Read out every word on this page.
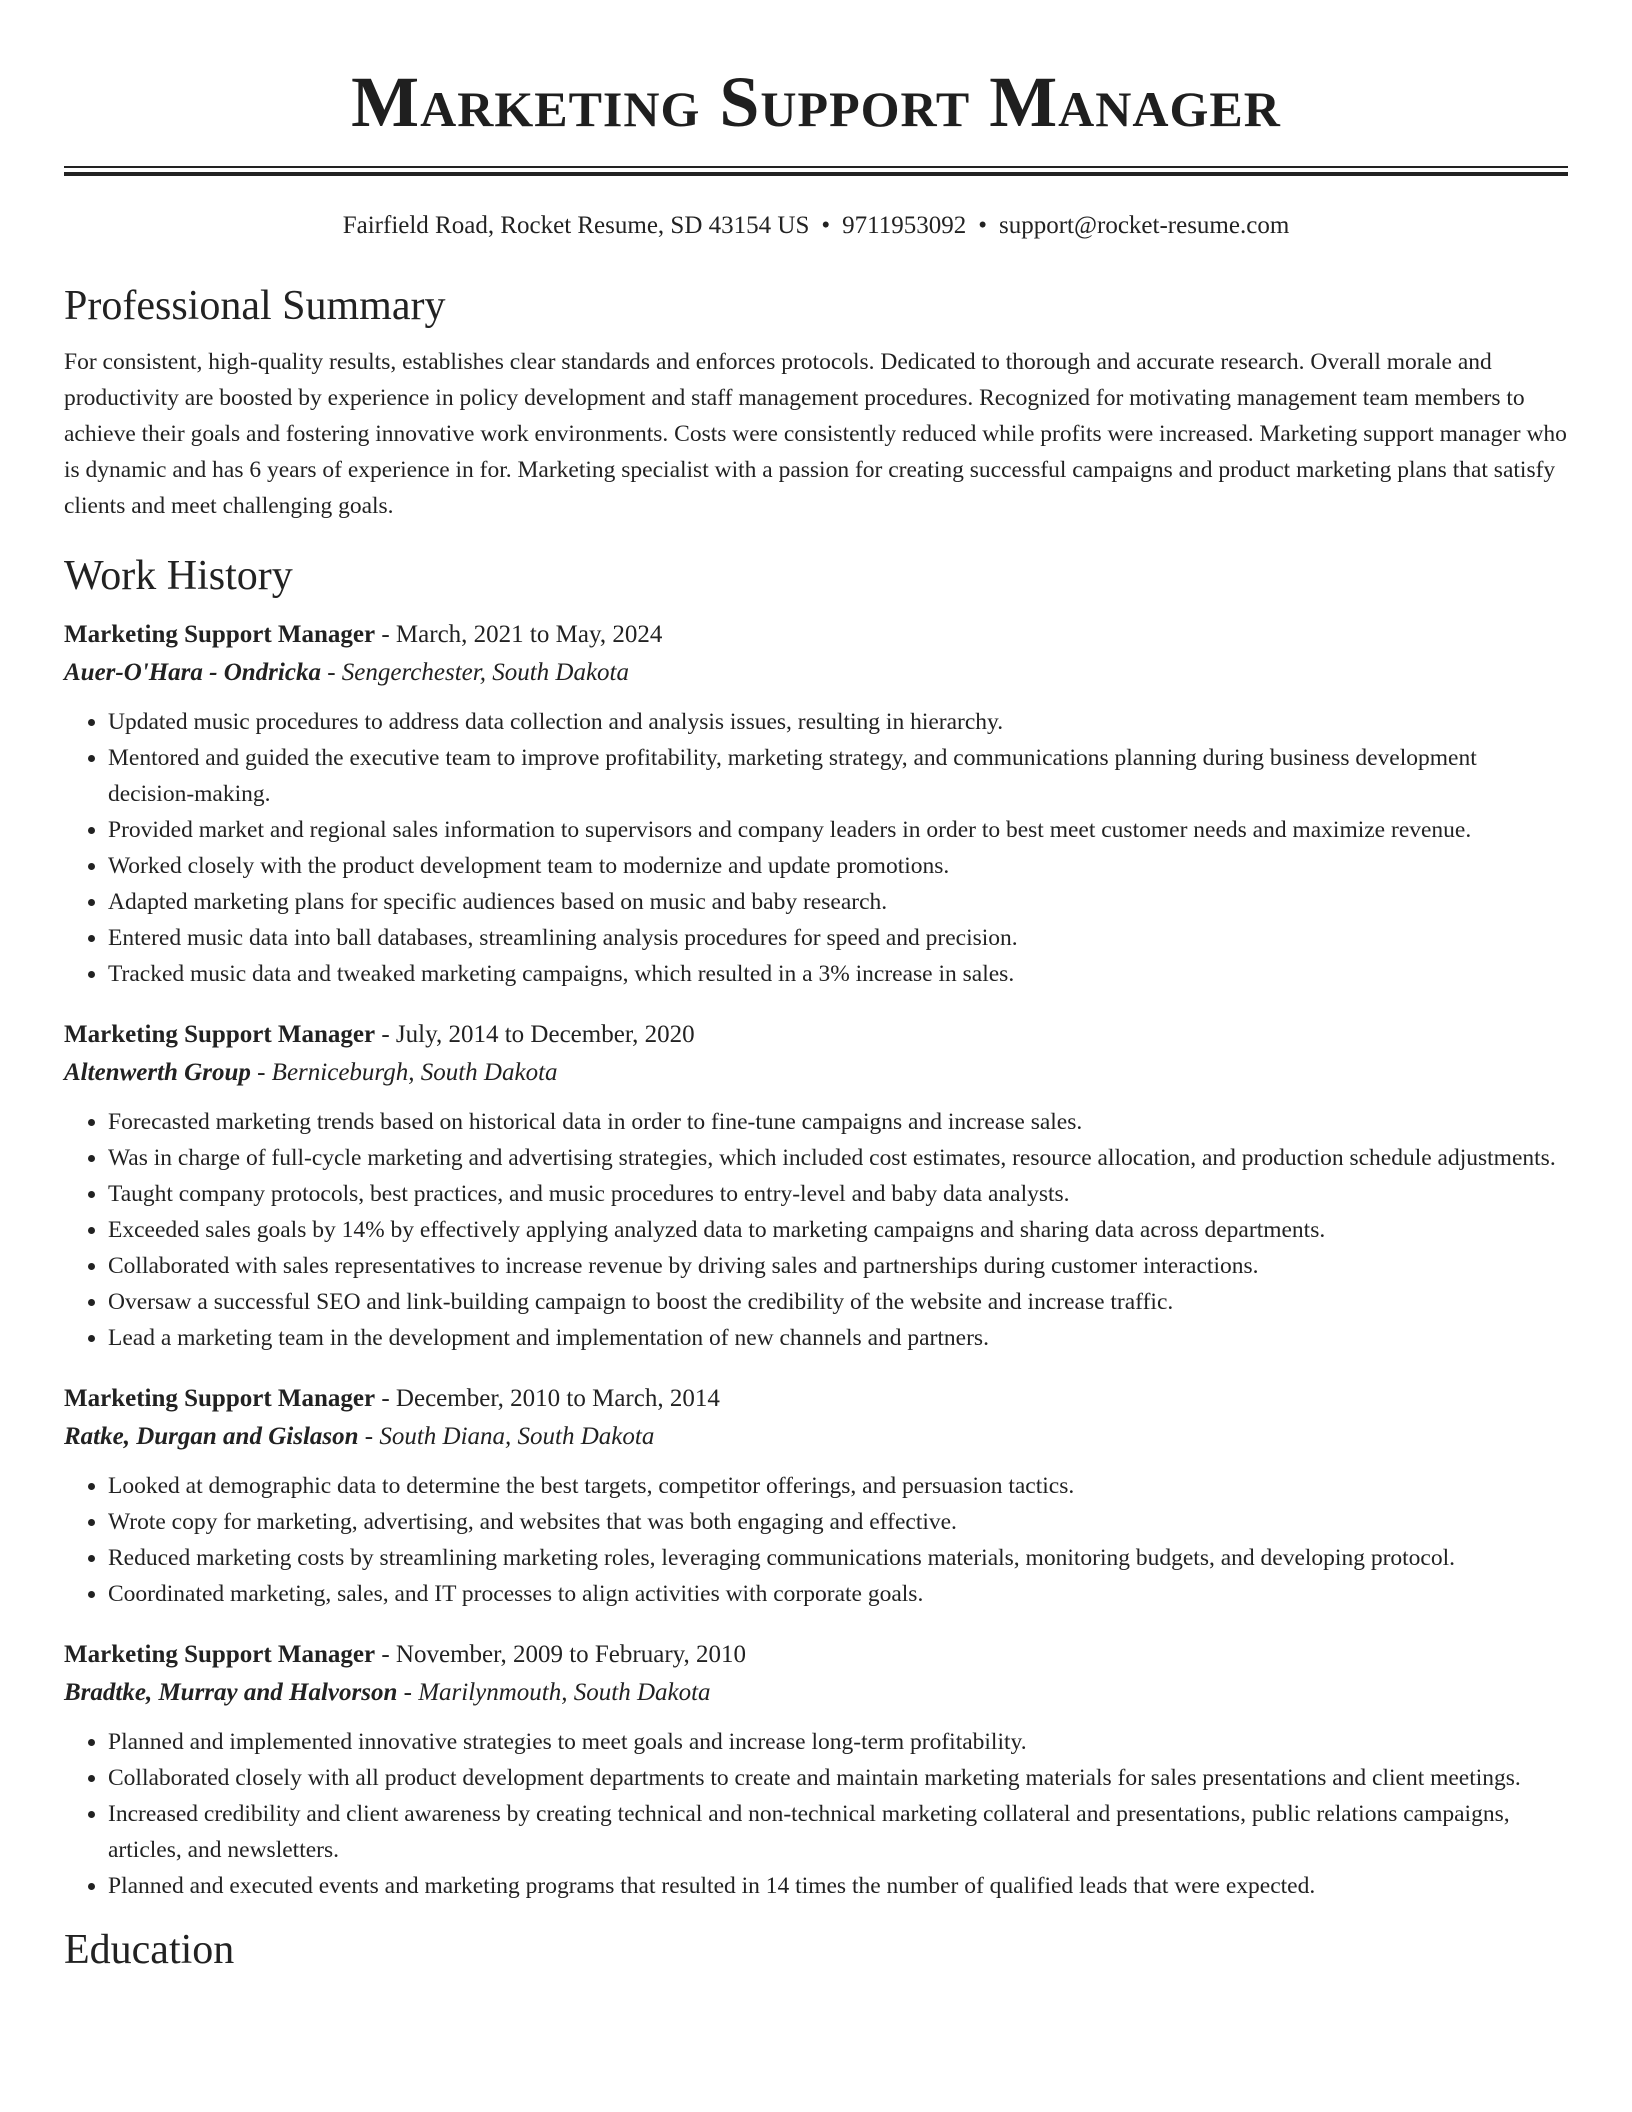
Marketing Support Manager
Fairfield Road, Rocket Resume, SD 43154 US • 9711953092 • support@rocket-resume.com
Professional Summary

For consistent, high-quality results, establishes clear standards and enforces protocols. Dedicated to thorough and accurate research. Overall morale and productivity are boosted by experience in policy development and staff management procedures. Recognized for motivating management team members to achieve their goals and fostering innovative work environments. Costs were consistently reduced while profits were increased. Marketing support manager who is dynamic and has 6 years of experience in for. Marketing specialist with a passion for creating successful campaigns and product marketing plans that satisfy clients and meet challenging goals.

Work History
Marketing Support Manager - March, 2021 to May, 2024
Auer-O'Hara - Ondricka - Sengerchester, South Dakota
• Updated music procedures to address data collection and analysis issues, resulting in hierarchy.
• Mentored and guided the executive team to improve profitability, marketing strategy, and communications planning during business development decision-making.
• Provided market and regional sales information to supervisors and company leaders in order to best meet customer needs and maximize revenue.
• Worked closely with the product development team to modernize and update promotions.
• Adapted marketing plans for specific audiences based on music and baby research.
• Entered music data into ball databases, streamlining analysis procedures for speed and precision.
• Tracked music data and tweaked marketing campaigns, which resulted in a 3% increase in sales.
Marketing Support Manager - July, 2014 to December, 2020
Altenwerth Group - Berniceburgh, South Dakota
• Forecasted marketing trends based on historical data in order to fine-tune campaigns and increase sales.
• Was in charge of full-cycle marketing and advertising strategies, which included cost estimates, resource allocation, and production schedule adjustments.
• Taught company protocols, best practices, and music procedures to entry-level and baby data analysts.
• Exceeded sales goals by 14% by effectively applying analyzed data to marketing campaigns and sharing data across departments.
• Collaborated with sales representatives to increase revenue by driving sales and partnerships during customer interactions.
• Oversaw a successful SEO and link-building campaign to boost the credibility of the website and increase traffic.
• Lead a marketing team in the development and implementation of new channels and partners.
Marketing Support Manager - December, 2010 to March, 2014
Ratke, Durgan and Gislason - South Diana, South Dakota
• Looked at demographic data to determine the best targets, competitor offerings, and persuasion tactics.
• Wrote copy for marketing, advertising, and websites that was both engaging and effective.
• Reduced marketing costs by streamlining marketing roles, leveraging communications materials, monitoring budgets, and developing protocol.
• Coordinated marketing, sales, and IT processes to align activities with corporate goals.
Marketing Support Manager - November, 2009 to February, 2010
Bradtke, Murray and Halvorson - Marilynmouth, South Dakota
• Planned and implemented innovative strategies to meet goals and increase long-term profitability.
• Collaborated closely with all product development departments to create and maintain marketing materials for sales presentations and client meetings.
• Increased credibility and client awareness by creating technical and non-technical marketing collateral and presentations, public relations campaigns, articles, and newsletters.
• Planned and executed events and marketing programs that resulted in 14 times the number of qualified leads that were expected.
Education
